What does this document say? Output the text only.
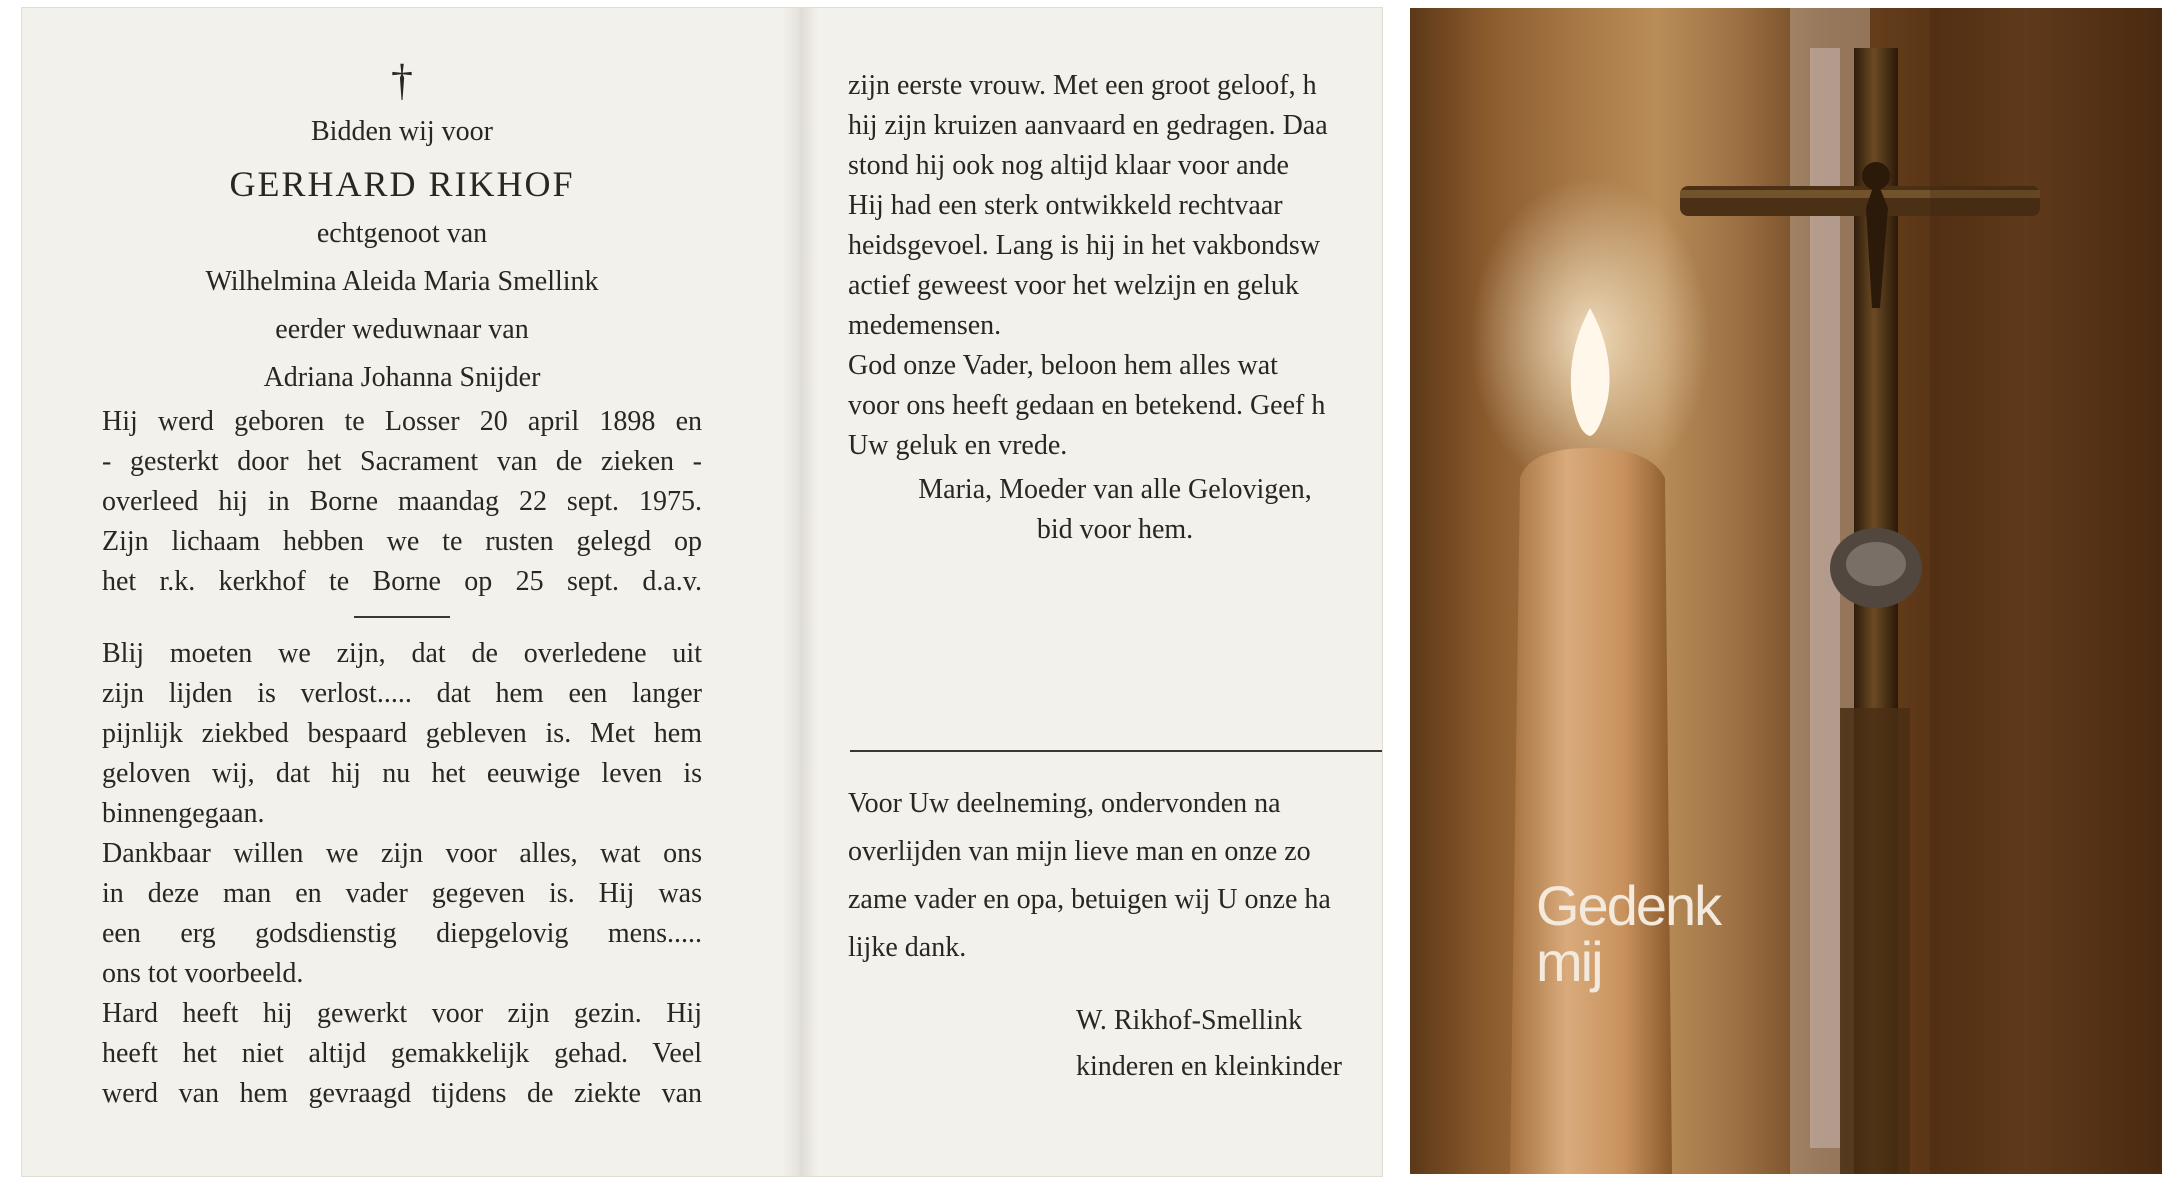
†
Bidden wij voor
GERHARD RIKHOF
echtgenoot van
Wilhelmina Aleida Maria Smellink
eerder weduwnaar van
Adriana Johanna Snijder
Hij werd geboren te Losser 20 april 1898 en
- gesterkt door het Sacrament van de zieken -
overleed hij in Borne maandag 22 sept. 1975.
Zijn lichaam hebben we te rusten gelegd op
het r.k. kerkhof te Borne op 25 sept. d.a.v.
Blij moeten we zijn, dat de overledene uit
zijn lijden is verlost..... dat hem een langer
pijnlijk ziekbed bespaard gebleven is. Met hem
geloven wij, dat hij nu het eeuwige leven is
binnengegaan.
Dankbaar willen we zijn voor alles, wat ons
in deze man en vader gegeven is. Hij was
een erg godsdienstig diepgelovig mens.....
ons tot voorbeeld.
Hard heeft hij gewerkt voor zijn gezin. Hij
heeft het niet altijd gemakkelijk gehad. Veel
werd van hem gevraagd tijdens de ziekte van
zijn eerste vrouw. Met een groot geloof, h
hij zijn kruizen aanvaard en gedragen. Daa
stond hij ook nog altijd klaar voor ande
Hij had een sterk ontwikkeld rechtvaar
heidsgevoel. Lang is hij in het vakbondsw
actief geweest voor het welzijn en geluk
medemensen.
God onze Vader, beloon hem alles wat
voor ons heeft gedaan en betekend. Geef h
Uw geluk en vrede.
Maria, Moeder van alle Gelovigen,
bid voor hem.
Voor Uw deelneming, ondervonden na
overlijden van mijn lieve man en onze zo
zame vader en opa, betuigen wij U onze ha
lijke dank.
W. Rikhof-Smellink
kinderen en kleinkinder
Gedenk
mij
